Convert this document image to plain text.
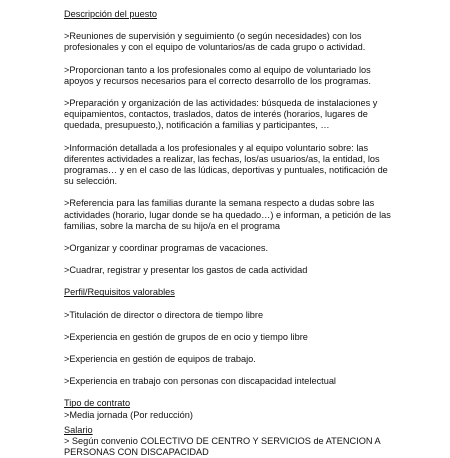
Descripción del puesto

>Reuniones de supervisión y seguimiento (o según necesidades) con los profesionales y con el equipo de voluntarios/as de cada grupo o actividad.

>Proporcionan tanto a los profesionales como al equipo de voluntariado los apoyos y recursos necesarios para el correcto desarrollo de los programas.

>Preparación y organización de las actividades: búsqueda de instalaciones y equipamientos, contactos, traslados, datos de interés (horarios, lugares de quedada, presupuesto,), notificación a familias y participantes, …

>Información detallada a los profesionales y al equipo voluntario sobre: las diferentes actividades a realizar, las fechas, los/as usuarios/as, la entidad, los programas… y en el caso de las lúdicas, deportivas y puntuales, notificación de su selección.

>Referencia para las familias durante la semana respecto a dudas sobre las actividades (horario, lugar donde se ha quedado…) e informan, a petición de las familias, sobre la marcha de su hijo/a en el programa

>Organizar y coordinar programas de vacaciones.

>Cuadrar, registrar y presentar los gastos de cada actividad

Perfil/Requisitos valorables

>Titulación de director o directora de tiempo libre

>Experiencia en gestión de grupos de en ocio y tiempo libre

>Experiencia en gestión de equipos de trabajo.

>Experiencia en trabajo con personas con discapacidad intelectual

Tipo de contrato

>Media jornada (Por reducción)

Salario

> Según convenio COLECTIVO DE CENTRO Y SERVICIOS de ATENCION A PERSONAS CON DISCAPACIDAD
